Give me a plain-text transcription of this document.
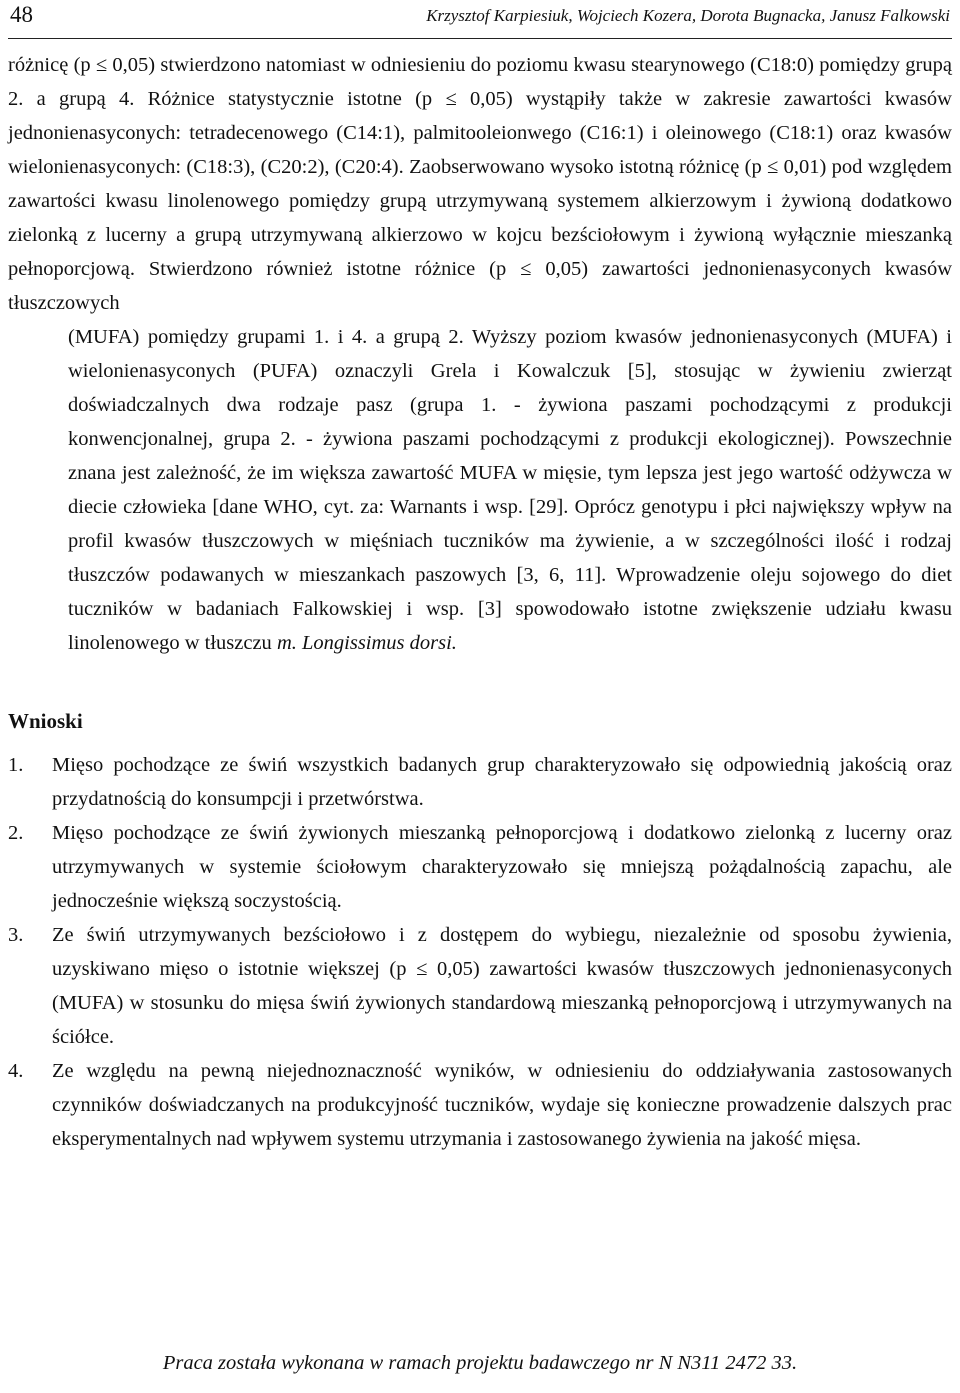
48	Krzysztof Karpiesiuk, Wojciech Kozera, Dorota Bugnacka, Janusz Falkowski

różnicę (p ≤ 0,05) stwierdzono natomiast w odniesieniu do poziomu kwasu stearynowego (C18:0) pomiędzy grupą 2. a grupą 4. Różnice statystycznie istotne (p ≤ 0,05) wystąpiły także w zakresie zawartości kwasów jednonienasyconych: tetradecenowego (C14:1), palmitooleionwego (C16:1) i oleinowego (C18:1) oraz kwasów wielonienasyconych: (C18:3), (C20:2), (C20:4). Zaobserwowano wysoko istotną różnicę (p ≤ 0,01) pod względem zawartości kwasu linolenowego pomiędzy grupą utrzymywaną systemem alkierzowym i żywioną dodatkowo zielonką z lucerny a grupą utrzymywaną alkierzowo w kojcu bezściołowym i żywioną wyłącznie mieszanką pełnoporcjową. Stwierdzono również istotne różnice (p ≤ 0,05) zawartości jednonienasyconych kwasów tłuszczowych
(MUFA) pomiędzy grupami 1. i 4. a grupą 2. Wyższy poziom kwasów jednonienasyconych (MUFA) i wielonienasyconych (PUFA) oznaczyli Grela i Kowalczuk [5], stosując w żywieniu zwierząt doświadczalnych dwa rodzaje pasz (grupa 1. - żywiona paszami pochodzącymi z produkcji konwencjonalnej, grupa 2. - żywiona paszami pochodzącymi z produkcji ekologicznej). Powszechnie znana jest zależność, że im większa zawartość MUFA w mięsie, tym lepsza jest jego wartość odżywcza w diecie człowieka [dane WHO, cyt. za: Warnants i wsp. [29]. Oprócz genotypu i płci największy wpływ na profil kwasów tłuszczowych w mięśniach tuczników ma żywienie, a w szczególności ilość i rodzaj tłuszczów podawanych w mieszankach paszowych [3, 6, 11]. Wprowadzenie oleju sojowego do diet tuczników w badaniach Falkowskiej i wsp. [3] spowodowało istotne zwiększenie udziału kwasu linolenowego w tłuszczu m. Longissimus dorsi.

Wnioski
1. Mięso pochodzące ze świń wszystkich badanych grup charakteryzowało się odpowiednią jakością oraz przydatnością do konsumpcji i przetwórstwa.
2. Mięso pochodzące ze świń żywionych mieszanką pełnoporcjową i dodatkowo zielonką z lucerny oraz utrzymywanych w systemie ściołowym charakteryzowało się mniejszą pożądalnością zapachu, ale jednocześnie większą soczystością.
3. Ze świń utrzymywanych bezściołowo i z dostępem do wybiegu, niezależnie od sposobu żywienia, uzyskiwano mięso o istotnie większej (p ≤ 0,05) zawartości kwasów tłuszczowych jednonienasyconych (MUFA) w stosunku do mięsa świń żywionych standardową mieszanką pełnoporcjową i utrzymywanych na ściółce.
4. Ze względu na pewną niejednoznaczność wyników, w odniesieniu do oddziaływania zastosowanych czynników doświadczanych na produkcyjność tuczników, wydaje się konieczne prowadzenie dalszych prac eksperymentalnych nad wpływem systemu utrzymania i zastosowanego żywienia na jakość mięsa.
Praca została wykonana w ramach projektu badawczego nr N N311 2472 33.
